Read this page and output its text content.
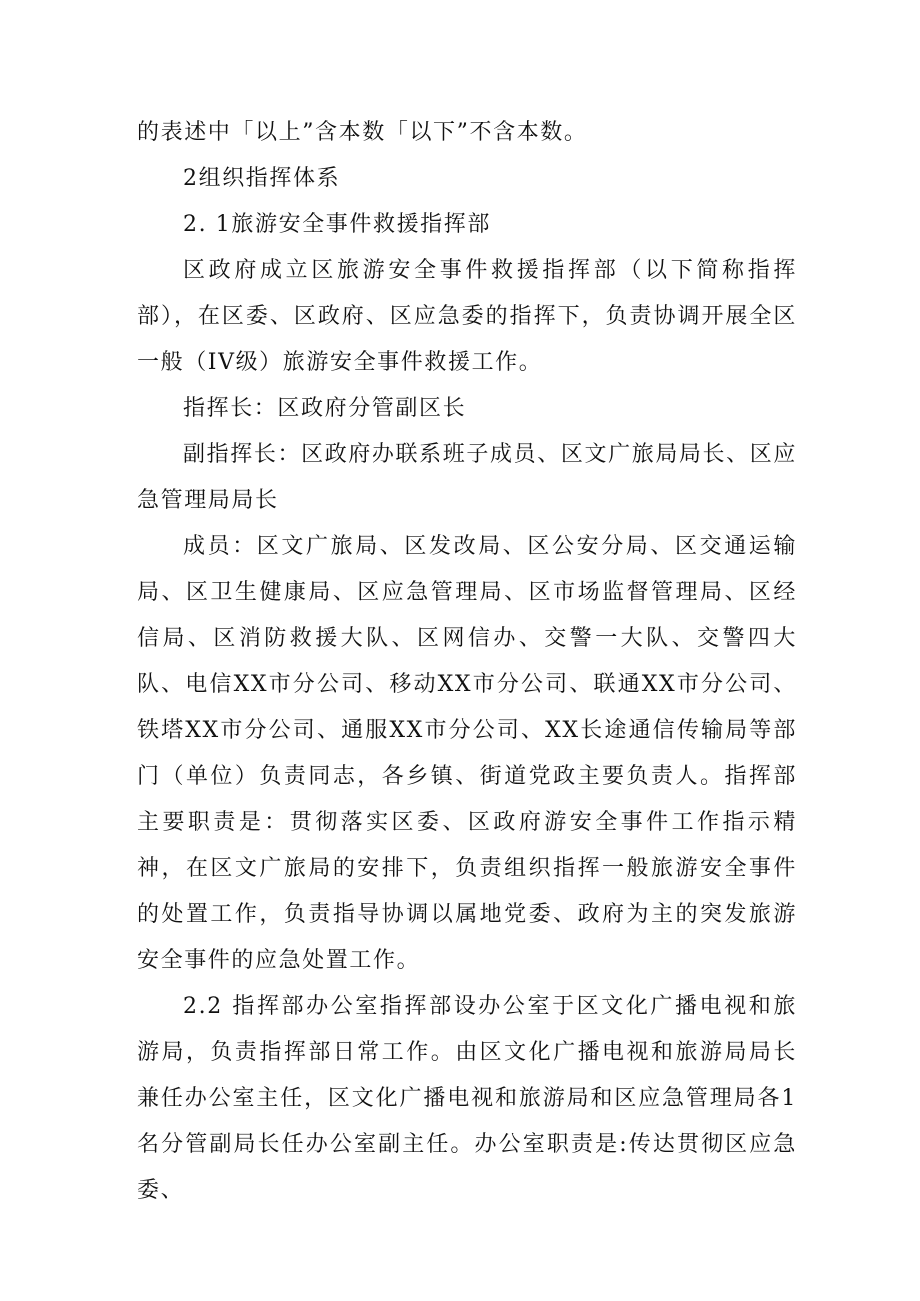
的表述中「以上”含本数「以下”不含本数。

2组织指挥体系

2. 1旅游安全事件救援指挥部

区政府成立区旅游安全事件救援指挥部（以下简称指挥部），在区委、区政府、区应急委的指挥下，负责协调开展全区一般（IV级）旅游安全事件救援工作。

指挥长：区政府分管副区长

副指挥长：区政府办联系班子成员、区文广旅局局长、区应急管理局局长

成员：区文广旅局、区发改局、区公安分局、区交通运输局、区卫生健康局、区应急管理局、区市场监督管理局、区经信局、区消防救援大队、区网信办、交警一大队、交警四大队、电信XX市分公司、移动XX市分公司、联通XX市分公司、铁塔XX市分公司、通服XX市分公司、XX长途通信传输局等部门（单位）负责同志，各乡镇、街道党政主要负责人。指挥部主要职责是：贯彻落实区委、区政府游安全事件工作指示精神，在区文广旅局的安排下，负责组织指挥一般旅游安全事件的处置工作，负责指导协调以属地党委、政府为主的突发旅游安全事件的应急处置工作。

2.2 指挥部办公室指挥部设办公室于区文化广播电视和旅游局，负责指挥部日常工作。由区文化广播电视和旅游局局长兼任办公室主任，区文化广播电视和旅游局和区应急管理局各1名分管副局长任办公室副主任。办公室职责是:传达贯彻区应急委、
